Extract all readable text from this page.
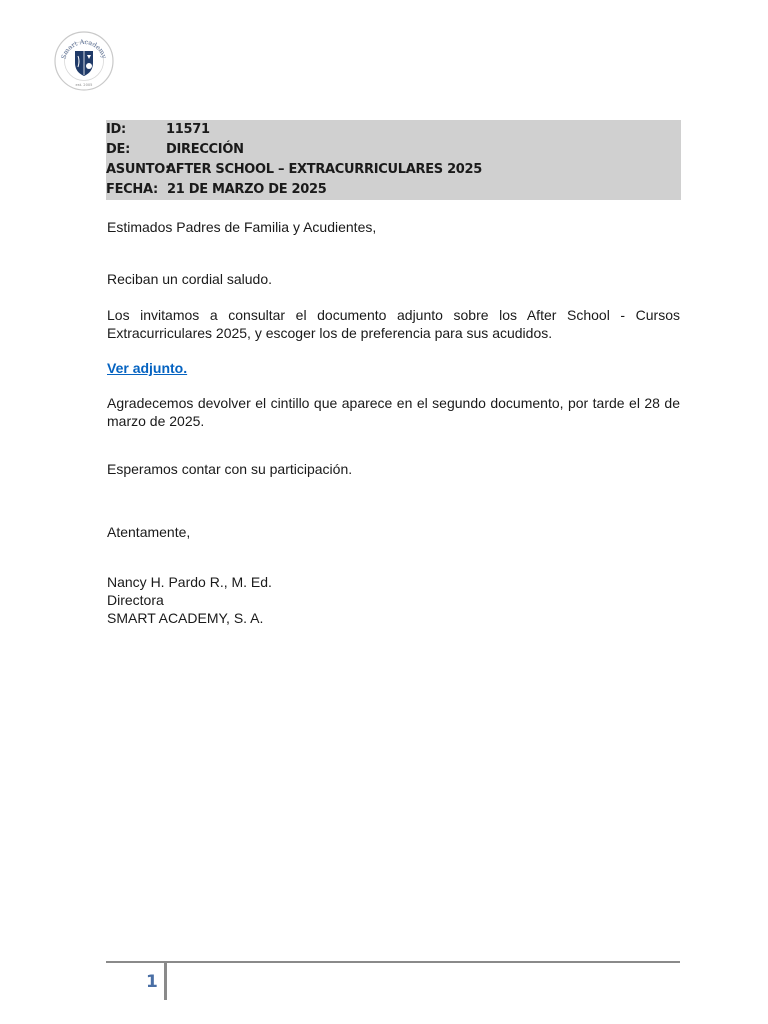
Smart Academy
est. 2005
ID:	11571
DE:	DIRECCIÓN
ASUNTO:
AFTER SCHOOL – EXTRACURRICULARES 2025
FECHA: 21 DE MARZO DE 2025
Estimados Padres de Familia y Acudientes,
Reciban un cordial saludo.
Los invitamos a consultar el documento adjunto sobre los After School - Cursos Extracurriculares 2025, y escoger los de preferencia para sus acudidos.
Ver adjunto.
Agradecemos devolver el cintillo que aparece en el segundo documento, por tarde el 28 de marzo de 2025.
Esperamos contar con su participación.
Atentamente,
Nancy H. Pardo R., M. Ed.
Directora
SMART ACADEMY, S. A.
1
